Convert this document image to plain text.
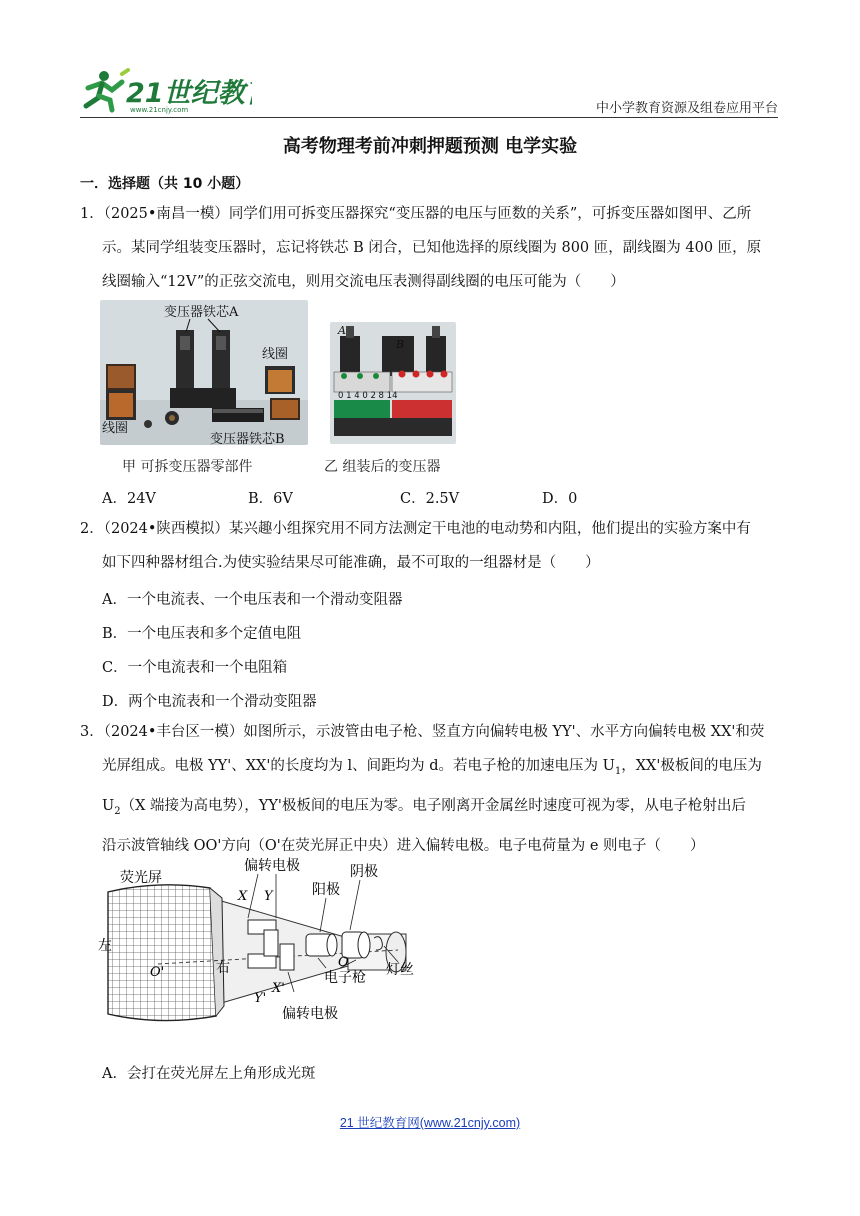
21世纪教
www.21cnjy.com	中小学教育资源及组卷应用平台
高考物理考前冲刺押题预测 电学实验
一．选择题（共 10 小题）
1．（2025•南昌一模）同学们用可拆变压器探究“变压器的电压与匝数的关系”，可拆变压器如图甲、乙所
示。某同学组装变压器时，忘记将铁芯 B 闭合，已知他选择的原线圈为 800 匝，副线圈为 400 匝，原
线圈输入“12V”的正弦交流电，则用交流电压表测得副线圈的电压可能为（　　）
变压器铁芯A
线圈
线圈
变压器铁芯B
甲 可拆变压器零部件
A
B
0 1 4 0 2 8 14
乙 组装后的变压器
A．24V	B．6V	C．2.5V	D．0
2．（2024•陕西模拟）某兴趣小组探究用不同方法测定干电池的电动势和内阻，他们提出的实验方案中有
如下四种器材组合.为使实验结果尽可能准确，最不可取的一组器材是（　　）
A．一个电流表、一个电压表和一个滑动变阻器
B．一个电压表和多个定值电阻
C．一个电流表和一个电阻箱
D．两个电流表和一个滑动变阻器
3．（2024•丰台区一模）如图所示，示波管由电子枪、竖直方向偏转电极 YY'、水平方向偏转电极 XX'和荧
光屏组成。电极 YY'、XX'的长度均为 l、间距均为 d。若电子枪的加速电压为 $U_1$，XX'极板间的电压为
$U_2(X$ 端接为高电势），YY'极板间的电压为零。电子刚离开金属丝时速度可视为零，从电子枪射出后
沿示波管轴线 OO'方向（O'在荧光屏正中央）进入偏转电极。电子电荷量为 e 则电子（　　）
荧光屏
偏转电极
X Y	阳极
阴极
左
右
O'
O	灯丝
电子枪
X'
Y'
偏转电极
A．会打在荧光屏左上角形成光斑
21 世纪教育网(www.21cnjy.com)
